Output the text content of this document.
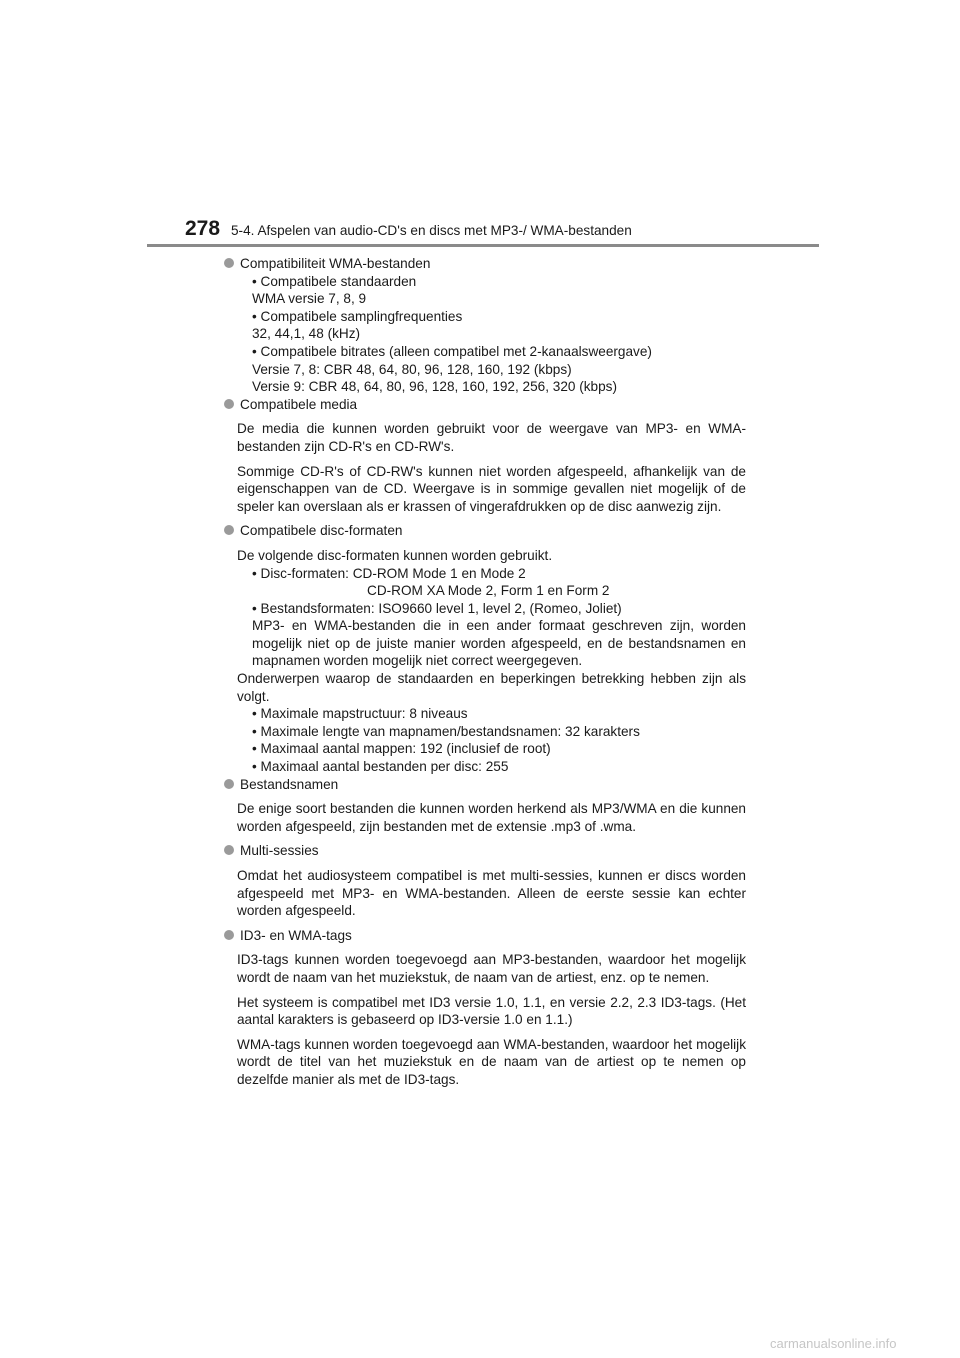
278 5-4. Afspelen van audio-CD's en discs met MP3-/ WMA-bestanden
Compatibiliteit WMA-bestanden
• Compatibele standaarden
WMA versie 7, 8, 9
• Compatibele samplingfrequenties
32, 44,1, 48 (kHz)
• Compatibele bitrates (alleen compatibel met 2-kanaalsweergave)
Versie 7, 8: CBR 48, 64, 80, 96, 128, 160, 192 (kbps)
Versie 9: CBR 48, 64, 80, 96, 128, 160, 192, 256, 320 (kbps)
Compatibele media

De media die kunnen worden gebruikt voor de weergave van MP3- en WMA-bestanden zijn CD-R's en CD-RW's.

Sommige CD-R's of CD-RW's kunnen niet worden afgespeeld, afhankelijk van de eigenschappen van de CD. Weergave is in sommige gevallen niet mogelijk of de speler kan overslaan als er krassen of vingerafdrukken op de disc aanwezig zijn.

Compatibele disc-formaten

De volgende disc-formaten kunnen worden gebruikt.

• Disc-formaten: CD-ROM Mode 1 en Mode 2
CD-ROM XA Mode 2, Form 1 en Form 2
• Bestandsformaten: ISO9660 level 1, level 2, (Romeo, Joliet)
MP3- en WMA-bestanden die in een ander formaat geschreven zijn, worden mogelijk niet op de juiste manier worden afgespeeld, en de bestandsnamen en mapnamen worden mogelijk niet correct weergegeven.

Onderwerpen waarop de standaarden en beperkingen betrekking hebben zijn als volgt.

• Maximale mapstructuur: 8 niveaus
• Maximale lengte van mapnamen/bestandsnamen: 32 karakters
• Maximaal aantal mappen: 192 (inclusief de root)
• Maximaal aantal bestanden per disc: 255
Bestandsnamen

De enige soort bestanden die kunnen worden herkend als MP3/WMA en die kunnen worden afgespeeld, zijn bestanden met de extensie .mp3 of .wma.

Multi-sessies

Omdat het audiosysteem compatibel is met multi-sessies, kunnen er discs worden afgespeeld met MP3- en WMA-bestanden. Alleen de eerste sessie kan echter worden afgespeeld.

ID3- en WMA-tags

ID3-tags kunnen worden toegevoegd aan MP3-bestanden, waardoor het mogelijk wordt de naam van het muziekstuk, de naam van de artiest, enz. op te nemen.

Het systeem is compatibel met ID3 versie 1.0, 1.1, en versie 2.2, 2.3 ID3-tags. (Het aantal karakters is gebaseerd op ID3-versie 1.0 en 1.1.)

WMA-tags kunnen worden toegevoegd aan WMA-bestanden, waardoor het mogelijk wordt de titel van het muziekstuk en de naam van de artiest op te nemen op dezelfde manier als met de ID3-tags.

carmanualsonline.info
